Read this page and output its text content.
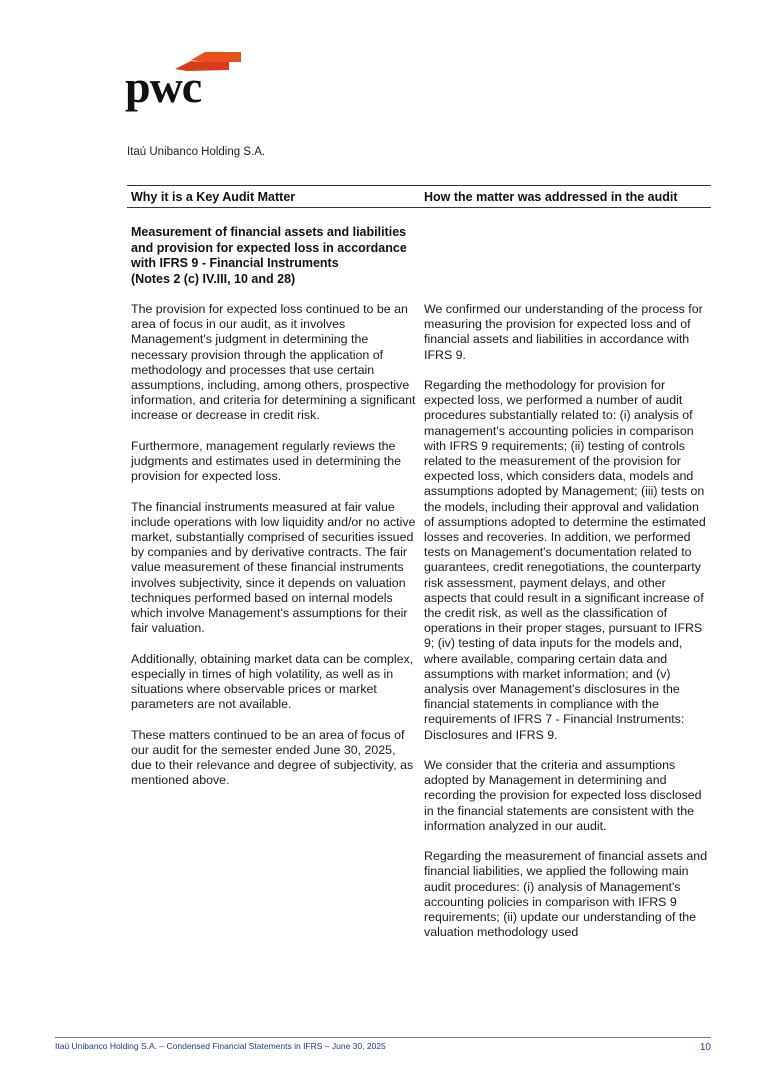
pwc
Itaú Unibanco Holding S.A.
Why it is a Key Audit Matter	How the matter was addressed in the audit
Measurement of financial assets and liabilities
and provision for expected loss in accordance
with IFRS 9 - Financial Instruments
(Notes 2 (c) IV.III, 10 and 28)

The provision for expected loss continued to be an area of focus in our audit, as it involves Management's judgment in determining the necessary provision through the application of methodology and processes that use certain assumptions, including, among others, prospective information, and criteria for determining a significant increase or decrease in credit risk.

Furthermore, management regularly reviews the judgments and estimates used in determining the provision for expected loss.

The financial instruments measured at fair value include operations with low liquidity and/or no active market, substantially comprised of securities issued by companies and by derivative contracts. The fair value measurement of these financial instruments involves subjectivity, since it depends on valuation techniques performed based on internal models which involve Management's assumptions for their fair valuation.

Additionally, obtaining market data can be complex, especially in times of high volatility, as well as in situations where observable prices or market parameters are not available.

These matters continued to be an area of focus of our audit for the semester ended June 30, 2025, due to their relevance and degree of subjectivity, as mentioned above.

We confirmed our understanding of the process for measuring the provision for expected loss and of financial assets and liabilities in accordance with IFRS 9.

Regarding the methodology for provision for expected loss, we performed a number of audit procedures substantially related to: (i) analysis of management's accounting policies in comparison with IFRS 9 requirements; (ii) testing of controls related to the measurement of the provision for expected loss, which considers data, models and assumptions adopted by Management; (iii) tests on the models, including their approval and validation of assumptions adopted to determine the estimated losses and recoveries. In addition, we performed tests on Management's documentation related to guarantees, credit renegotiations, the counterparty risk assessment, payment delays, and other aspects that could result in a significant increase of the credit risk, as well as the classification of operations in their proper stages, pursuant to IFRS 9; (iv) testing of data inputs for the models and, where available, comparing certain data and assumptions with market information; and (v) analysis over Management's disclosures in the financial statements in compliance with the requirements of IFRS 7 - Financial Instruments: Disclosures and IFRS 9.

We consider that the criteria and assumptions adopted by Management in determining and recording the provision for expected loss disclosed in the financial statements are consistent with the information analyzed in our audit.

Regarding the measurement of financial assets and financial liabilities, we applied the following main audit procedures: (i) analysis of Management's accounting policies in comparison with IFRS 9 requirements; (ii) update our understanding of the valuation methodology used

Itaú Unibanco Holding S.A. – Condensed Financial Statements in IFRS – June 30, 2025	10
